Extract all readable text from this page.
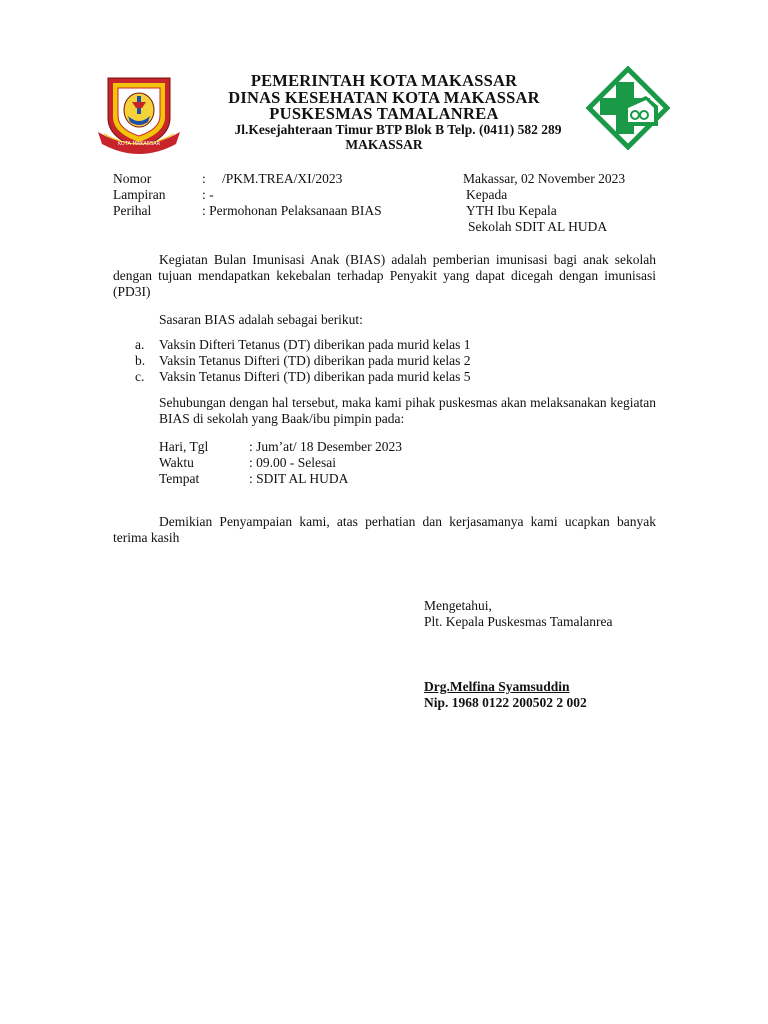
KOTA MAKASSAR
PEMERINTAH KOTA MAKASSAR
DINAS KESEHATAN KOTA MAKASSAR
PUSKESMAS TAMALANREA
Jl.Kesejahteraan Timur BTP Blok B Telp. (0411) 582 289
MAKASSAR
Nomor	: /PKM.TREA/XI/2023
Lampiran	: -
Perihal	: Permohonan Pelaksanaan BIAS
Makassar, 02 November 2023
Kepada
YTH Ibu Kepala
Sekolah SDIT AL HUDA
Kegiatan Bulan Imunisasi Anak (BIAS) adalah pemberian imunisasi bagi anak sekolah dengan tujuan mendapatkan kekebalan terhadap Penyakit yang dapat dicegah dengan imunisasi (PD3I)
Sasaran BIAS adalah sebagai berikut:
a. Vaksin Difteri Tetanus (DT) diberikan pada murid kelas 1
b. Vaksin Tetanus Difteri (TD) diberikan pada murid kelas 2
c. Vaksin Tetanus Difteri (TD) diberikan pada murid kelas 5
Sehubungan dengan hal tersebut, maka kami pihak puskesmas akan melaksanakan kegiatan BIAS di sekolah yang Baak/ibu pimpin pada:
Hari, Tgl	: Jum’at/ 18 Desember 2023
Waktu	: 09.00 - Selesai
Tempat	: SDIT AL HUDA
Demikian Penyampaian kami, atas perhatian dan kerjasamanya kami ucapkan banyak terima kasih
Mengetahui,
Plt. Kepala Puskesmas Tamalanrea
Drg.Melfina Syamsuddin
Nip. 1968 0122 200502 2 002
